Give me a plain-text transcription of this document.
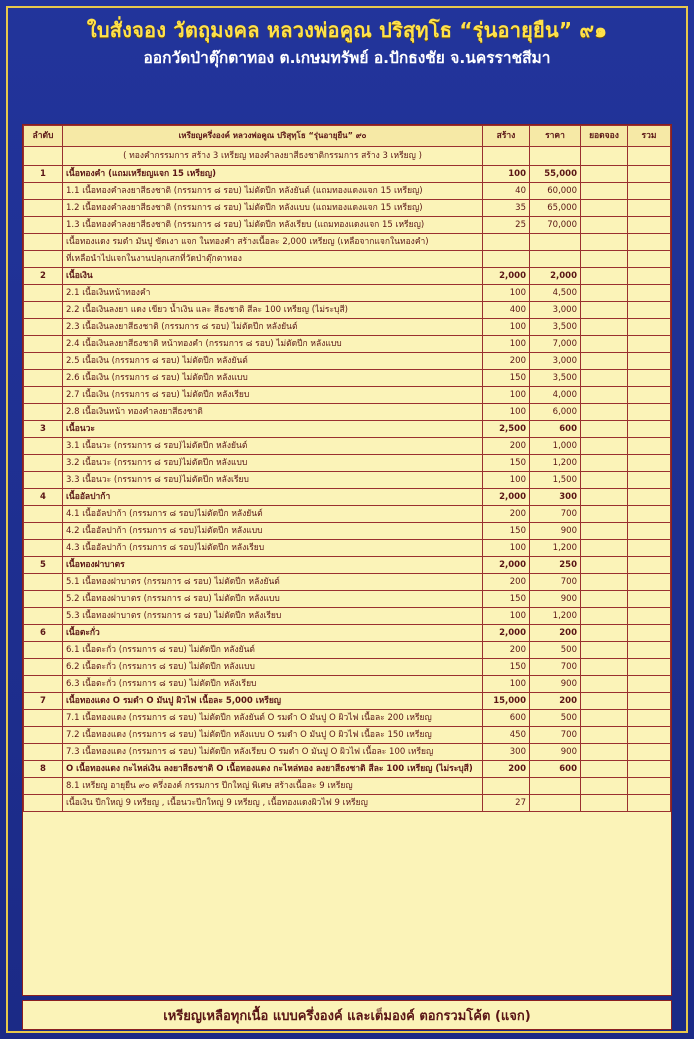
ใบสั่งจอง วัตถุมงคล หลวงพ่อคูณ ปริสุทฺโธ “รุ่นอายุยืน” ๙๑
ออกวัดป่าตุ๊กตาทอง ต.เกษมทรัพย์ อ.ปักธงชัย จ.นครราชสีมา
ลำดับ	เหรียญครึ่งองค์ หลวงพ่อคูณ ปริสุทฺโธ “รุ่นอายุยืน” ๙๐	สร้าง	ราคา	ยอดจอง	รวม
	( ทองคำกรรมการ สร้าง 3 เหรียญ ทองคำลงยาสีธงชาติกรรมการ สร้าง 3 เหรียญ )				
1	เนื้อทองคำ (แถมเหรียญแจก 15 เหรียญ)	100	55,000		
	1.1 เนื้อทองคำลงยาสีธงชาติ (กรรมการ ๘ รอบ) ไม่ตัดปีก หลังยันต์ (แถมทองแดงแจก 15 เหรียญ)	40	60,000		
	1.2 เนื้อทองคำลงยาสีธงชาติ (กรรมการ ๘ รอบ) ไม่ตัดปีก หลังแบบ (แถมทองแดงแจก 15 เหรียญ)	35	65,000		
	1.3 เนื้อทองคำลงยาสีธงชาติ (กรรมการ ๘ รอบ) ไม่ตัดปีก หลังเรียบ (แถมทองแดงแจก 15 เหรียญ)	25	70,000		
	เนื้อทองแดง รมดำ มันปู ขัดเงา แจก ในทองคำ สร้างเนื้อละ 2,000 เหรียญ (เหลือจากแจกในทองคำ)				
	ที่เหลือนำไปแจกในงานปลุกเสกที่วัดป่าตุ๊กตาทอง				
2	เนื้อเงิน	2,000	2,000		
	2.1 เนื้อเงินหน้าทองคำ	100	4,500		
	2.2 เนื้อเงินลงยา แดง เขียว น้ำเงิน และ สีธงชาติ สีละ 100 เหรียญ (ไม่ระบุสี)	400	3,000		
	2.3 เนื้อเงินลงยาสีธงชาติ (กรรมการ ๘ รอบ) ไม่ตัดปีก หลังยันต์	100	3,500		
	2.4 เนื้อเงินลงยาสีธงชาติ หน้าทองคำ (กรรมการ ๘ รอบ) ไม่ตัดปีก หลังแบบ	100	7,000		
	2.5 เนื้อเงิน (กรรมการ ๘ รอบ) ไม่ตัดปีก หลังยันต์	200	3,000		
	2.6 เนื้อเงิน (กรรมการ ๘ รอบ) ไม่ตัดปีก หลังแบบ	150	3,500		
	2.7 เนื้อเงิน (กรรมการ ๘ รอบ) ไม่ตัดปีก หลังเรียบ	100	4,000		
	2.8 เนื้อเงินหน้า ทองคำลงยาสีธงชาติ	100	6,000		
3	เนื้อนวะ	2,500	600		
	3.1 เนื้อนวะ (กรรมการ ๘ รอบ)ไม่ตัดปีก หลังยันต์	200	1,000		
	3.2 เนื้อนวะ (กรรมการ ๘ รอบ)ไม่ตัดปีก หลังแบบ	150	1,200		
	3.3 เนื้อนวะ (กรรมการ ๘ รอบ)ไม่ตัดปีก หลังเรียบ	100	1,500		
4	เนื้ออัลปาก้า	2,000	300		
	4.1 เนื้ออัลปาก้า (กรรมการ ๘ รอบ)ไม่ตัดปีก หลังยันต์	200	700		
	4.2 เนื้ออัลปาก้า (กรรมการ ๘ รอบ)ไม่ตัดปีก หลังแบบ	150	900		
	4.3 เนื้ออัลปาก้า (กรรมการ ๘ รอบ)ไม่ตัดปีก หลังเรียบ	100	1,200		
5	เนื้อทองฝาบาตร	2,000	250		
	5.1 เนื้อทองฝาบาตร (กรรมการ ๘ รอบ) ไม่ตัดปีก หลังยันต์	200	700		
	5.2 เนื้อทองฝาบาตร (กรรมการ ๘ รอบ) ไม่ตัดปีก หลังแบบ	150	900		
	5.3 เนื้อทองฝาบาตร (กรรมการ ๘ รอบ) ไม่ตัดปีก หลังเรียบ	100	1,200		
6	เนื้อตะกั่ว	2,000	200		
	6.1 เนื้อตะกั่ว (กรรมการ ๘ รอบ) ไม่ตัดปีก หลังยันต์	200	500		
	6.2 เนื้อตะกั่ว (กรรมการ ๘ รอบ) ไม่ตัดปีก หลังแบบ	150	700		
	6.3 เนื้อตะกั่ว (กรรมการ ๘ รอบ) ไม่ตัดปีก หลังเรียบ	100	900		
7	เนื้อทองแดง O รมดำ O มันปู ผิวไฟ เนื้อละ 5,000 เหรียญ	15,000	200		
	7.1 เนื้อทองแดง (กรรมการ ๘ รอบ) ไม่ตัดปีก หลังยันต์ O รมดำ O มันปู O ผิวไฟ เนื้อละ 200 เหรียญ	600	500		
	7.2 เนื้อทองแดง (กรรมการ ๘ รอบ) ไม่ตัดปีก หลังแบบ O รมดำ O มันปู O ผิวไฟ เนื้อละ 150 เหรียญ	450	700		
	7.3 เนื้อทองแดง (กรรมการ ๘ รอบ) ไม่ตัดปีก หลังเรียบ O รมดำ O มันปู O ผิวไฟ เนื้อละ 100 เหรียญ	300	900		
8	O เนื้อทองแดง กะไหล่เงิน ลงยาสีธงชาติ O เนื้อทองแดง กะไหล่ทอง ลงยาสีธงชาติ สีละ 100 เหรียญ (ไม่ระบุสี)	200	600		
	8.1 เหรียญ อายุยืน ๙๐ ครึ่งองค์ กรรมการ ปีกใหญ่ พิเศษ สร้างเนื้อละ 9 เหรียญ				
	เนื้อเงิน ปีกใหญ่ 9 เหรียญ , เนื้อนวะปีกใหญ่ 9 เหรียญ , เนื้อทองแดงผิวไฟ 9 เหรียญ	27			
เหรียญเหลือทุกเนื้อ แบบครึ่งองค์ และเต็มองค์ ตอกรวมโค้ต (แจก)
